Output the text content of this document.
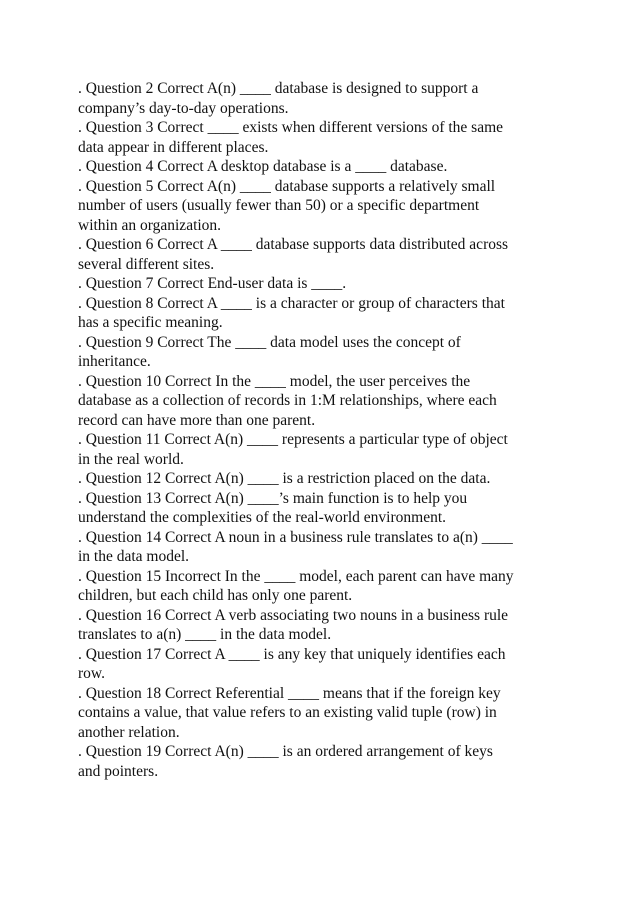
. Question 2 Correct A(n) ____ database is designed to support a
company’s day-to-day operations.
. Question 3 Correct ____ exists when different versions of the same
data appear in different places.
. Question 4 Correct A desktop database is a ____ database.
. Question 5 Correct A(n) ____ database supports a relatively small
number of users (usually fewer than 50) or a specific department
within an organization.
. Question 6 Correct A ____ database supports data distributed across
several different sites.
. Question 7 Correct End-user data is ____.
. Question 8 Correct A ____ is a character or group of characters that
has a specific meaning.
. Question 9 Correct The ____ data model uses the concept of
inheritance.
. Question 10 Correct In the ____ model, the user perceives the
database as a collection of records in 1:M relationships, where each
record can have more than one parent.
. Question 11 Correct A(n) ____ represents a particular type of object
in the real world.
. Question 12 Correct A(n) ____ is a restriction placed on the data.
. Question 13 Correct A(n) ____’s main function is to help you
understand the complexities of the real-world environment.
. Question 14 Correct A noun in a business rule translates to a(n) ____
in the data model.
. Question 15 Incorrect In the ____ model, each parent can have many
children, but each child has only one parent.
. Question 16 Correct A verb associating two nouns in a business rule
translates to a(n) ____ in the data model.
. Question 17 Correct A ____ is any key that uniquely identifies each
row.
. Question 18 Correct Referential ____ means that if the foreign key
contains a value, that value refers to an existing valid tuple (row) in
another relation.
. Question 19 Correct A(n) ____ is an ordered arrangement of keys
and pointers.
